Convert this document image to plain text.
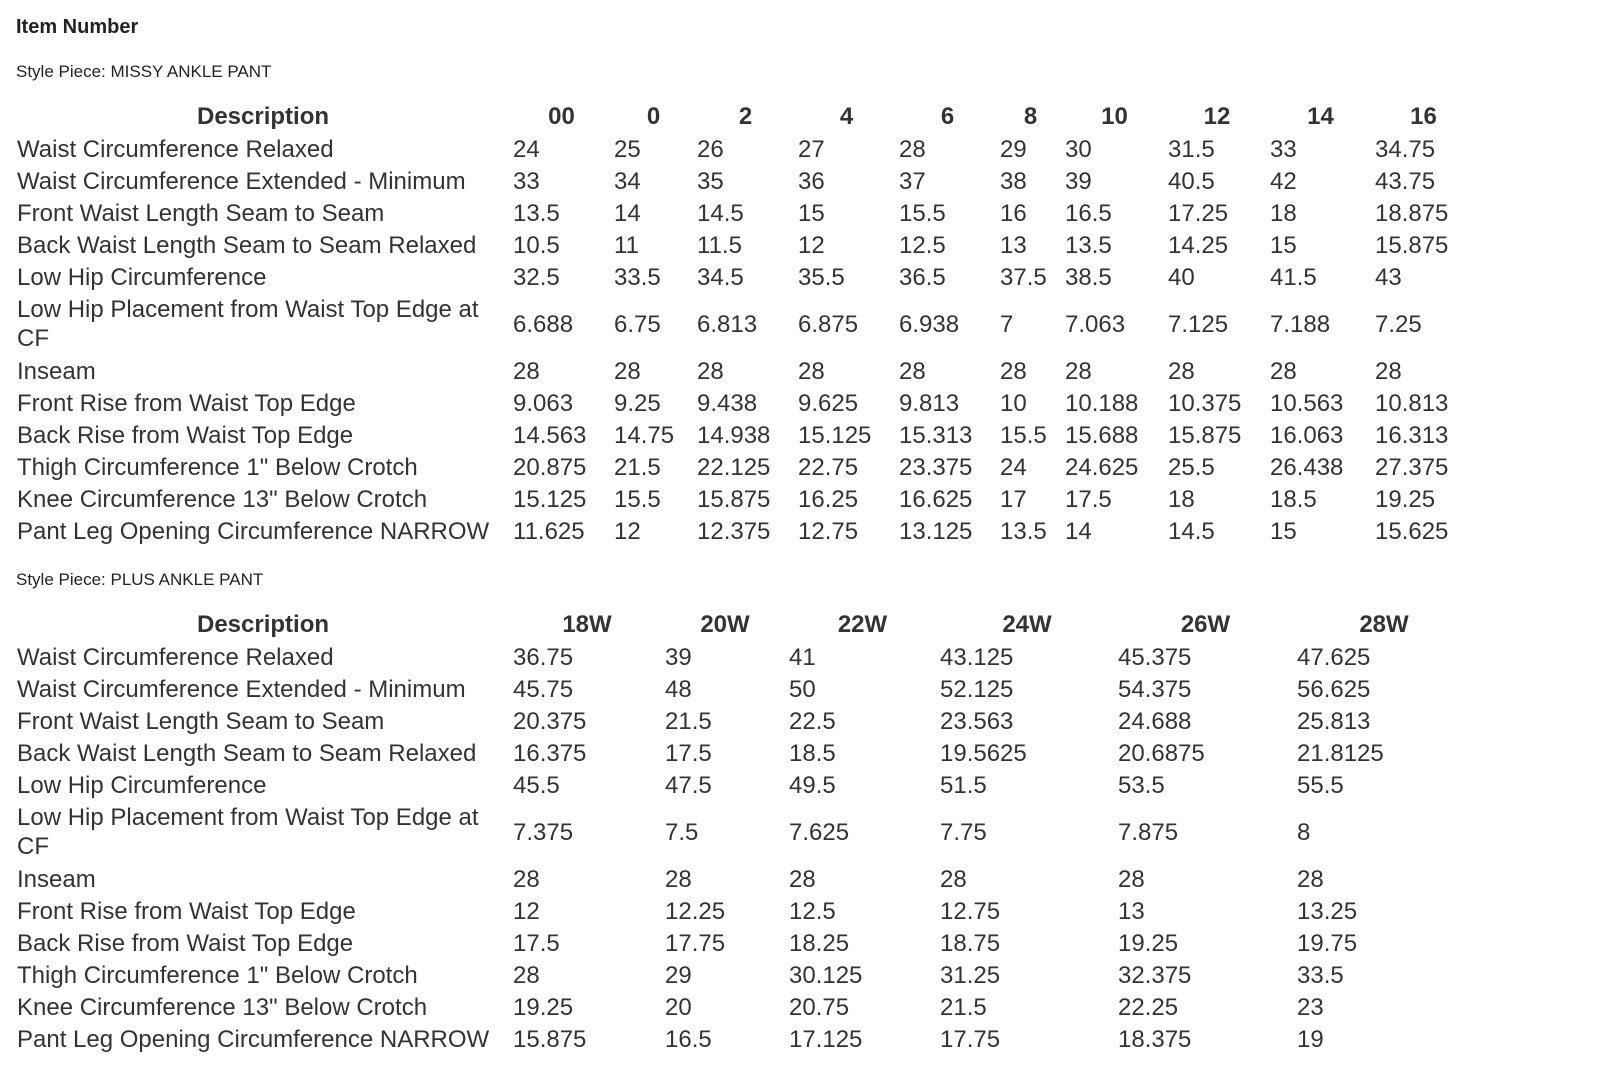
Item Number
Style Piece: MISSY ANKLE PANT
Description	00	0	2	4	6	8	10	12	14	16
Waist Circumference Relaxed	24	25	26	27	28	29	30	31.5	33	34.75
Waist Circumference Extended - Minimum	33	34	35	36	37	38	39	40.5	42	43.75
Front Waist Length Seam to Seam	13.5	14	14.5	15	15.5	16	16.5	17.25	18	18.875
Back Waist Length Seam to Seam Relaxed	10.5	11	11.5	12	12.5	13	13.5	14.25	15	15.875
Low Hip Circumference	32.5	33.5	34.5	35.5	36.5	37.5	38.5	40	41.5	43
Low Hip Placement from Waist Top Edge at CF	6.688	6.75	6.813	6.875	6.938	7	7.063	7.125	7.188	7.25
Inseam	28	28	28	28	28	28	28	28	28	28
Front Rise from Waist Top Edge	9.063	9.25	9.438	9.625	9.813	10	10.188	10.375	10.563	10.813
Back Rise from Waist Top Edge	14.563	14.75	14.938	15.125	15.313	15.5	15.688	15.875	16.063	16.313
Thigh Circumference 1" Below Crotch	20.875	21.5	22.125	22.75	23.375	24	24.625	25.5	26.438	27.375
Knee Circumference 13" Below Crotch	15.125	15.5	15.875	16.25	16.625	17	17.5	18	18.5	19.25
Pant Leg Opening Circumference NARROW	11.625	12	12.375	12.75	13.125	13.5	14	14.5	15	15.625
Style Piece: PLUS ANKLE PANT
Description	18W	20W	22W	24W	26W	28W
Waist Circumference Relaxed	36.75	39	41	43.125	45.375	47.625
Waist Circumference Extended - Minimum	45.75	48	50	52.125	54.375	56.625
Front Waist Length Seam to Seam	20.375	21.5	22.5	23.563	24.688	25.813
Back Waist Length Seam to Seam Relaxed	16.375	17.5	18.5	19.5625	20.6875	21.8125
Low Hip Circumference	45.5	47.5	49.5	51.5	53.5	55.5
Low Hip Placement from Waist Top Edge at CF	7.375	7.5	7.625	7.75	7.875	8
Inseam	28	28	28	28	28	28
Front Rise from Waist Top Edge	12	12.25	12.5	12.75	13	13.25
Back Rise from Waist Top Edge	17.5	17.75	18.25	18.75	19.25	19.75
Thigh Circumference 1" Below Crotch	28	29	30.125	31.25	32.375	33.5
Knee Circumference 13" Below Crotch	19.25	20	20.75	21.5	22.25	23
Pant Leg Opening Circumference NARROW	15.875	16.5	17.125	17.75	18.375	19
